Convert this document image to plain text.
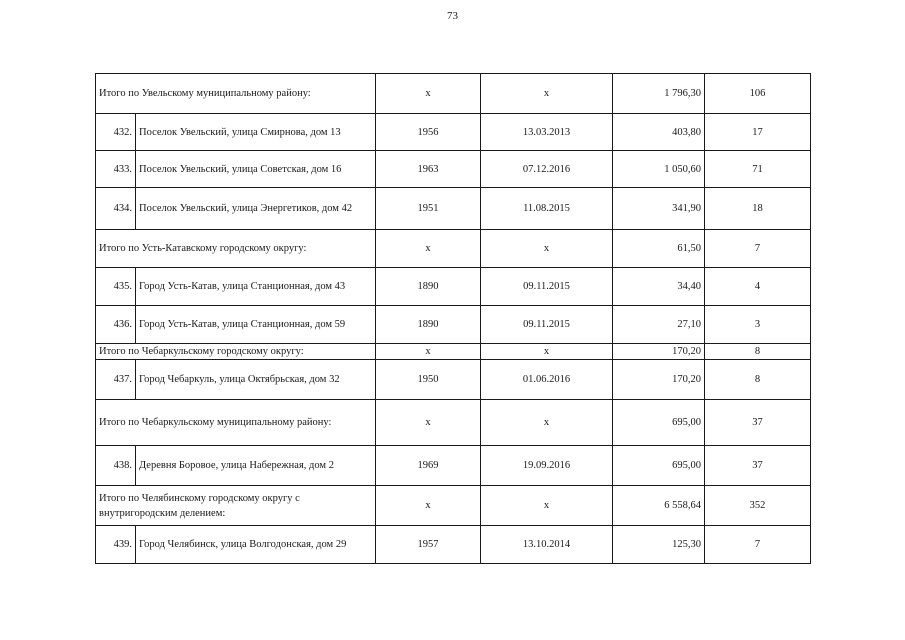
73
Итого по Увельскому муниципальному району:		х	х	1 796,30	106
432.	Поселок Увельский, улица Смирнова, дом 13	1956	13.03.2013	403,80	17
433.	Поселок Увельский, улица Советская, дом 16	1963	07.12.2016	1 050,60	71
434.	Поселок Увельский, улица Энергетиков, дом 42	1951	11.08.2015	341,90	18
Итого по Усть-Катавскому городскому округу:		х	х	61,50	7
435.	Город Усть-Катав, улица Станционная, дом 43	1890	09.11.2015	34,40	4
436.	Город Усть-Катав, улица Станционная, дом 59	1890	09.11.2015	27,10	3
Итого по Чебаркульскому городскому округу:		х	х	170,20	8
437.	Город Чебаркуль, улица Октябрьская, дом 32	1950	01.06.2016	170,20	8
Итого по Чебаркульскому муниципальному району:		х	х	695,00	37
438.	Деревня Боровое, улица Набережная, дом 2	1969	19.09.2016	695,00	37
Итого по Челябинскому городскому округу с внутригородским делением:		х	х	6 558,64	352
439.	Город Челябинск, улица Волгодонская, дом 29	1957	13.10.2014	125,30	7
